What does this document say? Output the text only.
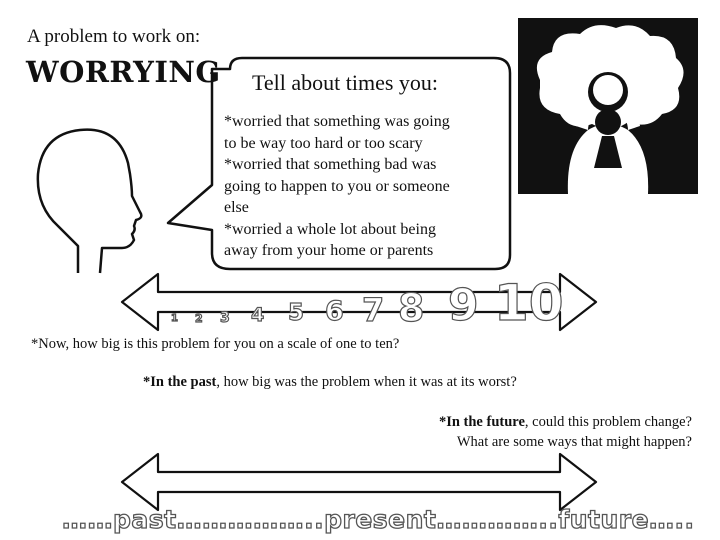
A problem to work on:
WORRYING Tell about times you:
*worried that something was going
to be way too hard or too scary
*worried that something bad was
going to happen to you or someone
else
*worried a whole lot about being
away from your home or parents
1 2 3 4 5 6 7 8 9 10
*Now, how big is this problem for you on a scale of one to ten?
*In the past, how big was the problem when it was at its worst?
*In the future, could this problem change?
What are some ways that might happen?
……past……………..present…………..future…..
